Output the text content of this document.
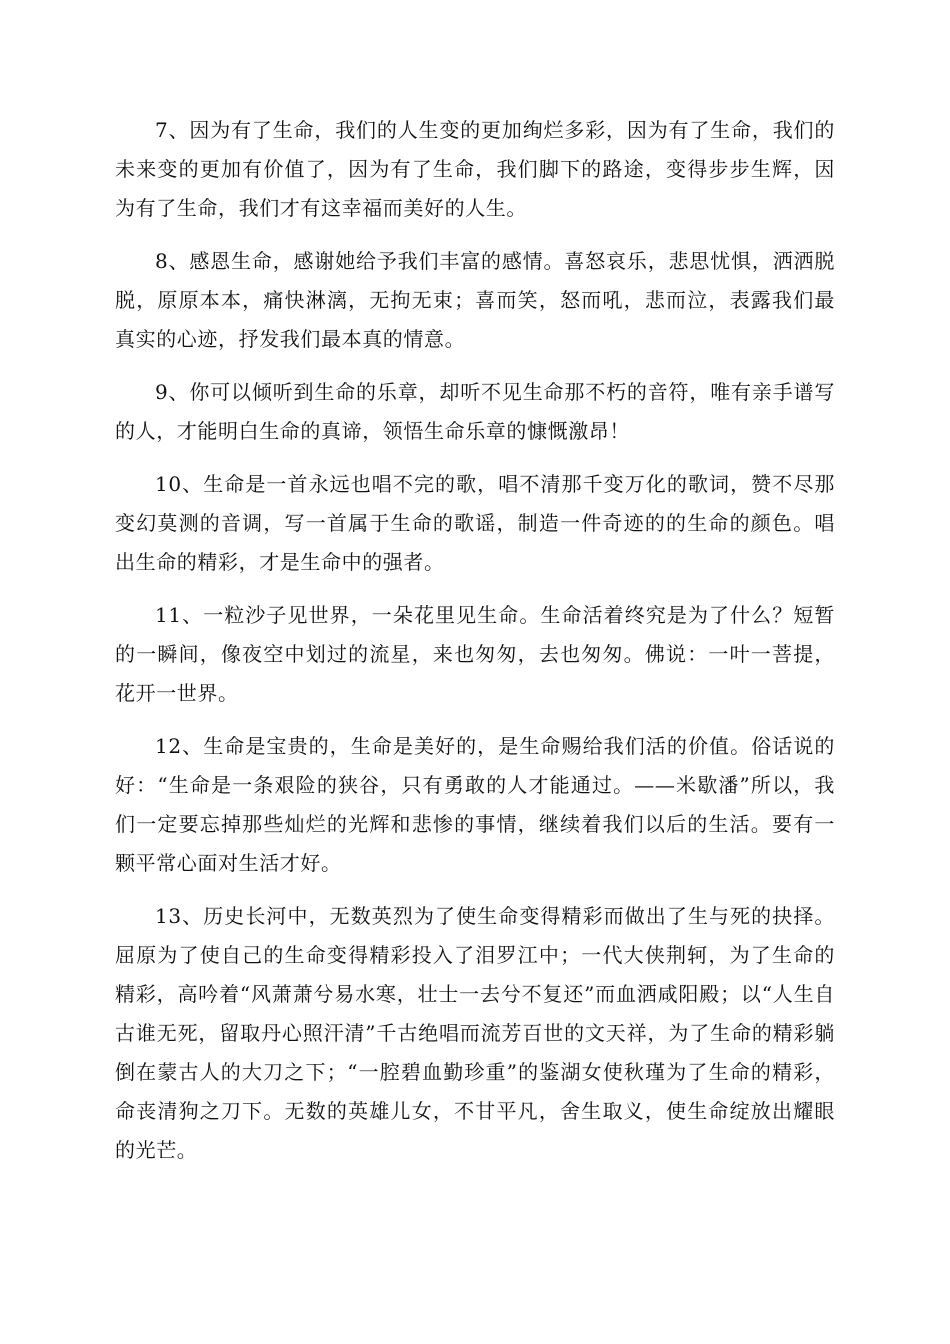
7、因为有了生命，我们的人生变的更加绚烂多彩，因为有了生命，我们的未来变的更加有价值了，因为有了生命，我们脚下的路途，变得步步生辉，因为有了生命，我们才有这幸福而美好的人生。

8、感恩生命，感谢她给予我们丰富的感情。喜怒哀乐，悲思忧惧，洒洒脱脱，原原本本，痛快淋漓，无拘无束；喜而笑，怒而吼，悲而泣，表露我们最真实的心迹，抒发我们最本真的情意。

9、你可以倾听到生命的乐章，却听不见生命那不朽的音符，唯有亲手谱写的人，才能明白生命的真谛，领悟生命乐章的慷慨激昂！

10、生命是一首永远也唱不完的歌，唱不清那千变万化的歌词，赞不尽那变幻莫测的音调，写一首属于生命的歌谣，制造一件奇迹的的生命的颜色。唱出生命的精彩，才是生命中的强者。

11、一粒沙子见世界，一朵花里见生命。生命活着终究是为了什么？短暂的一瞬间，像夜空中划过的流星，来也匆匆，去也匆匆。佛说：一叶一菩提，花开一世界。

12、生命是宝贵的，生命是美好的，是生命赐给我们活的价值。俗话说的好：“生命是一条艰险的狭谷，只有勇敢的人才能通过。——米歇潘”所以，我们一定要忘掉那些灿烂的光辉和悲惨的事情，继续着我们以后的生活。要有一颗平常心面对生活才好。

13、历史长河中，无数英烈为了使生命变得精彩而做出了生与死的抉择。屈原为了使自己的生命变得精彩投入了泪罗江中；一代大侠荆轲，为了生命的精彩，高吟着“风萧萧兮易水寒，壮士一去兮不复还”而血洒咸阳殿；以“人生自古谁无死，留取丹心照汗清”千古绝唱而流芳百世的文天祥，为了生命的精彩躺倒在蒙古人的大刀之下；“一腔碧血勤珍重”的鉴湖女使秋瑾为了生命的精彩，命丧清狗之刀下。无数的英雄儿女，不甘平凡，舍生取义，使生命绽放出耀眼的光芒。
